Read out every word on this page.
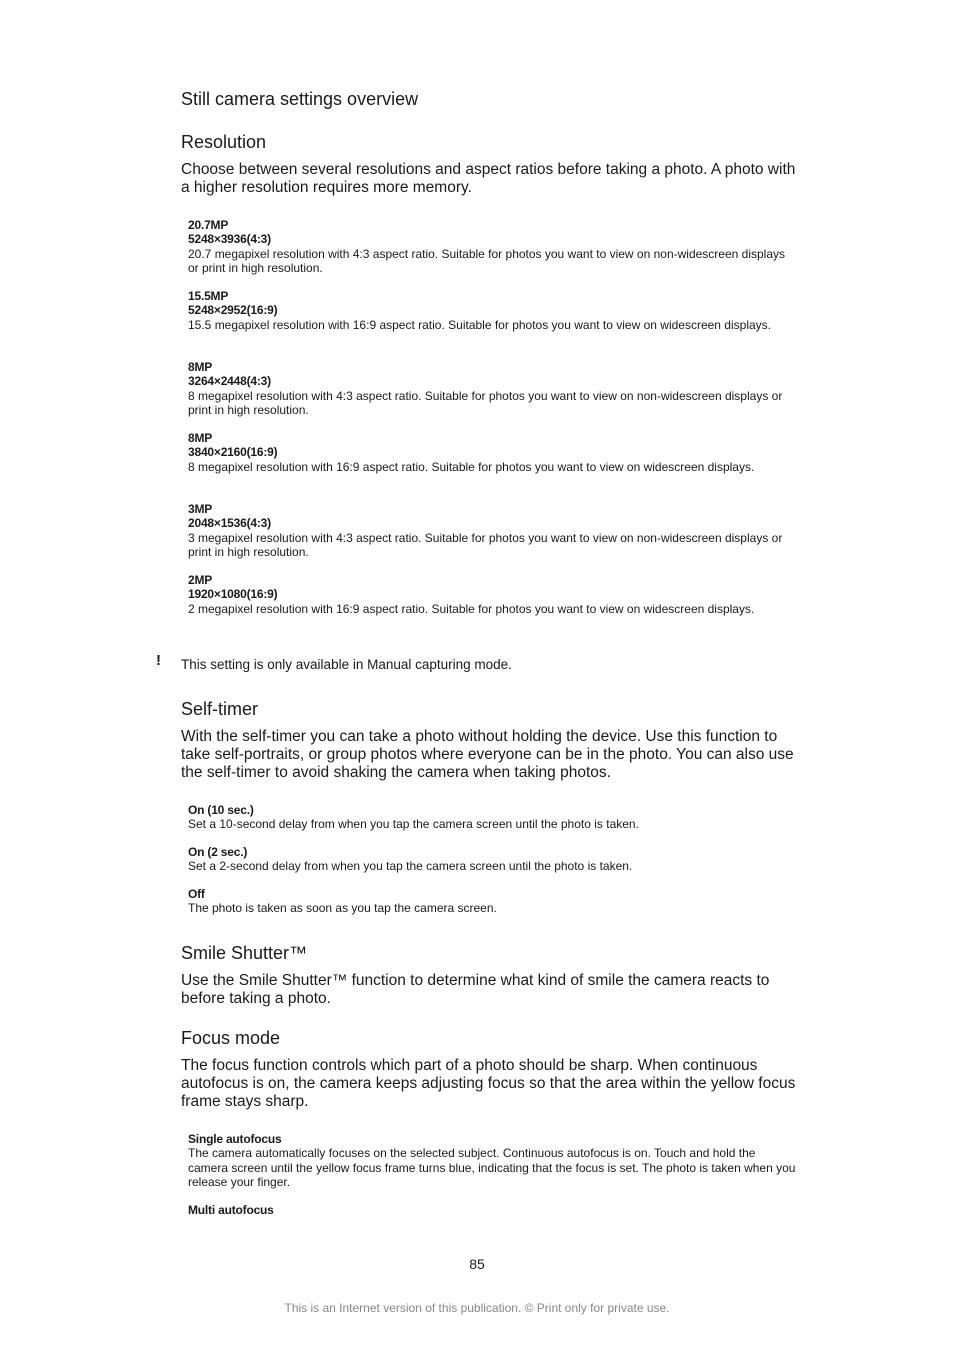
Still camera settings overview
Resolution

Choose between several resolutions and aspect ratios before taking a photo. A photo with a higher resolution requires more memory.

20.7MP
5248×3936(4:3)
20.7 megapixel resolution with 4:3 aspect ratio. Suitable for photos you want to view on non-widescreen displays or print in high resolution.
15.5MP
5248×2952(16:9)
15.5 megapixel resolution with 16:9 aspect ratio. Suitable for photos you want to view on widescreen displays.
8MP
3264×2448(4:3)
8 megapixel resolution with 4:3 aspect ratio. Suitable for photos you want to view on non-widescreen displays or print in high resolution.
8MP
3840×2160(16:9)
8 megapixel resolution with 16:9 aspect ratio. Suitable for photos you want to view on widescreen displays.
3MP
2048×1536(4:3)
3 megapixel resolution with 4:3 aspect ratio. Suitable for photos you want to view on non-widescreen displays or print in high resolution.
2MP
1920×1080(16:9)
2 megapixel resolution with 16:9 aspect ratio. Suitable for photos you want to view on widescreen displays.
! This setting is only available in Manual capturing mode.
Self-timer

With the self-timer you can take a photo without holding the device. Use this function to take self-portraits, or group photos where everyone can be in the photo. You can also use the self-timer to avoid shaking the camera when taking photos.

On (10 sec.)
Set a 10-second delay from when you tap the camera screen until the photo is taken.
On (2 sec.)
Set a 2-second delay from when you tap the camera screen until the photo is taken.
Off
The photo is taken as soon as you tap the camera screen.
Smile Shutter™

Use the Smile Shutter™ function to determine what kind of smile the camera reacts to before taking a photo.

Focus mode

The focus function controls which part of a photo should be sharp. When continuous autofocus is on, the camera keeps adjusting focus so that the area within the yellow focus frame stays sharp.

Single autofocus
The camera automatically focuses on the selected subject. Continuous autofocus is on. Touch and hold the camera screen until the yellow focus frame turns blue, indicating that the focus is set. The photo is taken when you release your finger.
Multi autofocus
85
This is an Internet version of this publication. © Print only for private use.
